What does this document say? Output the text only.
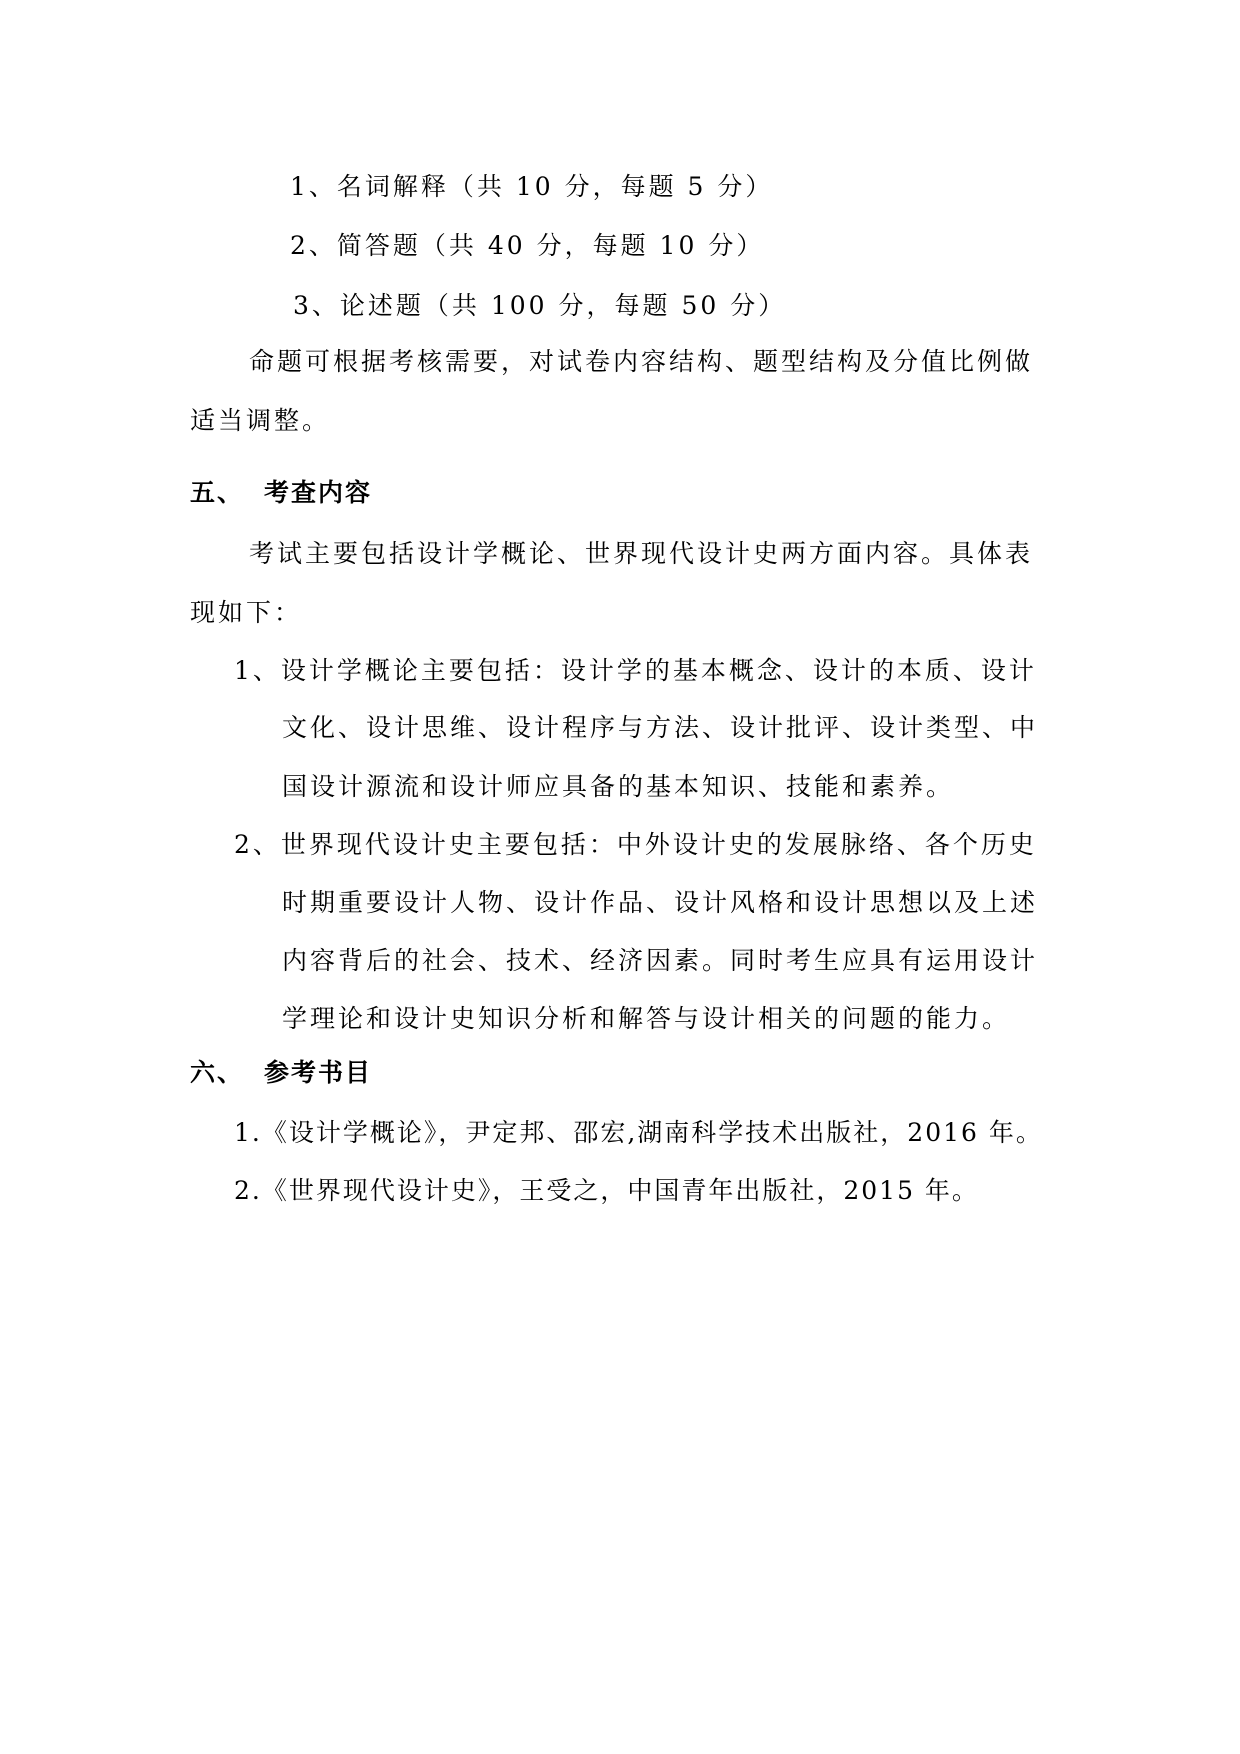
1、名词解释（共 10 分，每题 5 分）
2、简答题（共 40 分，每题 10 分）
3、论述题（共 100 分，每题 50 分）
命题可根据考核需要，对试卷内容结构、题型结构及分值比例做
适当调整。
五、 考查内容
考试主要包括设计学概论、世界现代设计史两方面内容。具体表
现如下：
1、设计学概论主要包括：设计学的基本概念、设计的本质、设计
文化、设计思维、设计程序与方法、设计批评、设计类型、中
国设计源流和设计师应具备的基本知识、技能和素养。
2、世界现代设计史主要包括：中外设计史的发展脉络、各个历史
时期重要设计人物、设计作品、设计风格和设计思想以及上述
内容背后的社会、技术、经济因素。同时考生应具有运用设计
学理论和设计史知识分析和解答与设计相关的问题的能力。
六、 参考书目
1.《设计学概论》，尹定邦、邵宏,湖南科学技术出版社，2016 年。
2.《世界现代设计史》，王受之，中国青年出版社，2015 年。
